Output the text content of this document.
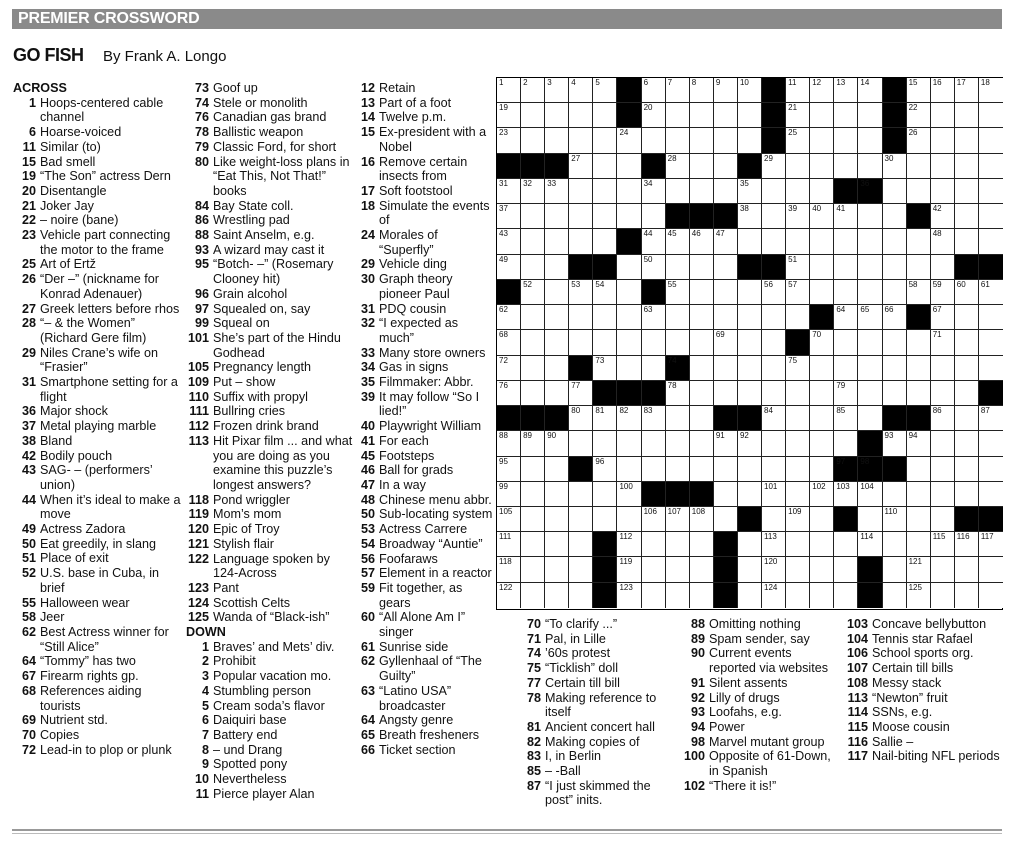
PREMIER CROSSWORD
GO FISH By Frank A. Longo
ACROSS
1 Hoops-centered cable channel
6 Hoarse-voiced
11 Similar (to)
15 Bad smell
19 “The Son” actress Dern
20 Disentangle
21 Joker Jay
22 – noire (bane)
23 Vehicle part connecting the motor to the frame
25 Art of Ertž
26 “Der –” (nickname for Konrad Adenauer)
27 Greek letters before rhos
28 “– & the Women” (Richard Gere film)
29 Niles Crane’s wife on “Frasier”
31 Smartphone setting for a flight
36 Major shock
37 Metal playing marble
38 Bland
42 Bodily pouch
43 SAG- – (performers’ union)
44 When it’s ideal to make a move
49 Actress Zadora
50 Eat greedily, in slang
51 Place of exit
52 U.S. base in Cuba, in brief
55 Halloween wear
58 Jeer
62 Best Actress winner for “Still Alice”
64 “Tommy” has two
67 Firearm rights gp.
68 References aiding tourists
69 Nutrient std.
70 Copies
72 Lead-in to plop or plunk
73 Goof up
74 Stele or monolith
76 Canadian gas brand
78 Ballistic weapon
79 Classic Ford, for short
80 Like weight-loss plans in “Eat This, Not That!” books
84 Bay State coll.
86 Wrestling pad
88 Saint Anselm, e.g.
93 A wizard may cast it
95 “Botch- –” (Rosemary Clooney hit)
96 Grain alcohol
97 Squealed on, say
99 Squeal on
101 She’s part of the Hindu Godhead
105 Pregnancy length
109 Put – show
110 Suffix with propyl
111 Bullring cries
112 Frozen drink brand
113 Hit Pixar film ... and what you are doing as you examine this puzzle’s longest answers?
118 Pond wriggler
119 Mom’s mom
120 Epic of Troy
121 Stylish flair
122 Language spoken by 124-Across
123 Pant
124 Scottish Celts
125 Wanda of “Black-ish”
DOWN
1 Braves’ and Mets’ div.
2 Prohibit
3 Popular vacation mo.
4 Stumbling person
5 Cream soda’s flavor
6 Daiquiri base
7 Battery end
8 – und Drang
9 Spotted pony
10 Nevertheless
11 Pierce player Alan
12 Retain
13 Part of a foot
14 Twelve p.m.
15 Ex-president with a Nobel
16 Remove certain insects from
17 Soft footstool
18 Simulate the events of
24 Morales of “Superfly”
29 Vehicle ding
30 Graph theory pioneer Paul
31 PDQ cousin
32 “I expected as much”
33 Many store owners
34 Gas in signs
35 Filmmaker: Abbr.
39 It may follow “So I lied!”
40 Playwright William
41 For each
45 Footsteps
46 Ball for grads
47 In a way
48 Chinese menu abbr.
50 Sub-locating system
53 Actress Carrere
54 Broadway “Auntie”
56 Foofaraws
57 Element in a reactor
59 Fit together, as gears
60 “All Alone Am I” singer
61 Sunrise side
62 Gyllenhaal of “The Guilty”
63 “Latino USA” broadcaster
64 Angsty genre
65 Breath fresheners
66 Ticket section
70 “To clarify ...”
71 Pal, in Lille
74 ’60s protest
75 “Ticklish” doll
77 Certain till bill
78 Making reference to itself
81 Ancient concert hall
82 Making copies of
83 I, in Berlin
85 – -Ball
87 “I just skimmed the post” inits.
88 Omitting nothing
89 Spam sender, say
90 Current events reported via websites
91 Silent assents
92 Lilly of drugs
93 Loofahs, e.g.
94 Power
98 Marvel mutant group
100 Opposite of 61-Down, in Spanish
102 “There it is!”
103 Concave bellybutton
104 Tennis star Rafael
106 School sports org.
107 Certain till bills
108 Messy stack
113 “Newton” fruit
114 SSNs, e.g.
115 Moose cousin
116 Sallie –
117 Nail-biting NFL periods
1 2 3 4 5	6 7 8 9 10	11 12 13 14	15 16 17 18
19	20	21	22
23	24	25	26
27	28	29	30
31 32 33	34	35	36
37	38	39 40 41	42
43	44 45 46 47	48
49	50	51
52	53 54	55	56 57	58 59 60 61
62	63	64 65 66	67
68	69	70	71
72	73	74	75
76	77	78	79
80 81 82 83	84	85	86	87
88 89 90	91 92	93 94
95	96	97 98
99	100	101	102 103 104
105	106 107 108	109	110
111	112	113	114	115 116 117
118	119	120	121
122	123	124	125
